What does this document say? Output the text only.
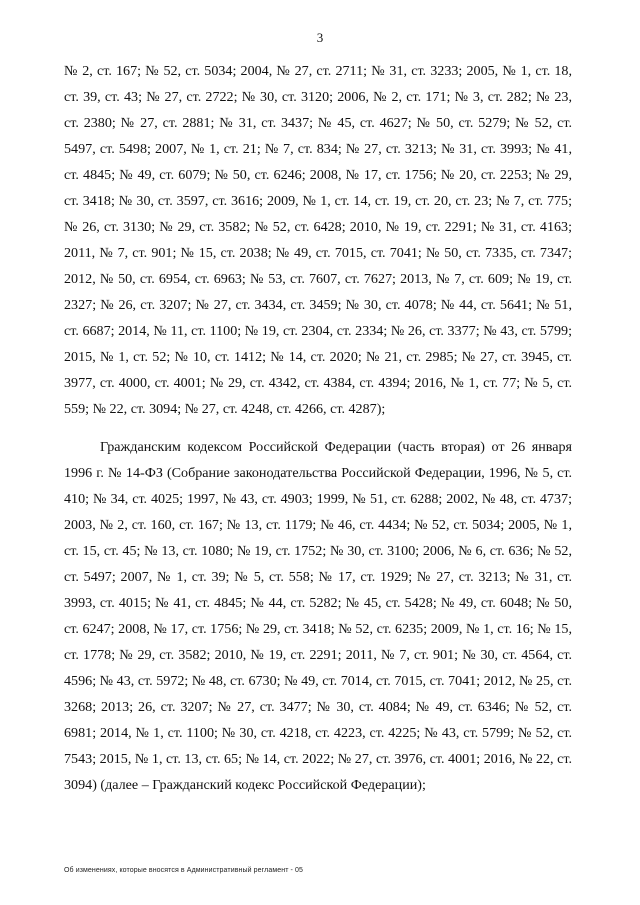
3

№ 2, ст. 167; № 52, ст. 5034; 2004, № 27, ст. 2711; № 31, ст. 3233; 2005, № 1, ст. 18, ст. 39, ст. 43; № 27, ст. 2722; № 30, ст. 3120; 2006, № 2, ст. 171; № 3, ст. 282; № 23, ст. 2380; № 27, ст. 2881; № 31, ст. 3437; № 45, ст. 4627; № 50, ст. 5279; № 52, ст. 5497, ст. 5498; 2007, № 1, ст. 21; № 7, ст. 834; № 27, ст. 3213; № 31, ст. 3993; № 41, ст. 4845; № 49, ст. 6079; № 50, ст. 6246; 2008, № 17, ст. 1756; № 20, ст. 2253; № 29, ст. 3418; № 30, ст. 3597, ст. 3616; 2009, № 1, ст. 14, ст. 19, ст. 20, ст. 23; № 7, ст. 775; № 26, ст. 3130; № 29, ст. 3582; № 52, ст. 6428; 2010, № 19, ст. 2291; № 31, ст. 4163; 2011, № 7, ст. 901; № 15, ст. 2038; № 49, ст. 7015, ст. 7041; № 50, ст. 7335, ст. 7347; 2012, № 50, ст. 6954, ст. 6963; № 53, ст. 7607, ст. 7627; 2013, № 7, ст. 609; № 19, ст. 2327; № 26, ст. 3207; № 27, ст. 3434, ст. 3459; № 30, ст. 4078; № 44, ст. 5641; № 51, ст. 6687; 2014, № 11, ст. 1100; № 19, ст. 2304, ст. 2334; № 26, ст. 3377; № 43, ст. 5799; 2015, № 1, ст. 52; № 10, ст. 1412; № 14, ст. 2020; № 21, ст. 2985; № 27, ст. 3945, ст. 3977, ст. 4000, ст. 4001; № 29, ст. 4342, ст. 4384, ст. 4394; 2016, № 1, ст. 77; № 5, ст. 559; № 22, ст. 3094; № 27, ст. 4248, ст. 4266, ст. 4287);

Гражданским кодексом Российской Федерации (часть вторая) от 26 января 1996 г. № 14-ФЗ (Собрание законодательства Российской Федерации, 1996, № 5, ст. 410; № 34, ст. 4025; 1997, № 43, ст. 4903; 1999, № 51, ст. 6288; 2002, № 48, ст. 4737; 2003, № 2, ст. 160, ст. 167; № 13, ст. 1179; № 46, ст. 4434; № 52, ст. 5034; 2005, № 1, ст. 15, ст. 45; № 13, ст. 1080; № 19, ст. 1752; № 30, ст. 3100; 2006, № 6, ст. 636; № 52, ст. 5497; 2007, № 1, ст. 39; № 5, ст. 558; № 17, ст. 1929; № 27, ст. 3213; № 31, ст. 3993, ст. 4015; № 41, ст. 4845; № 44, ст. 5282; № 45, ст. 5428; № 49, ст. 6048; № 50, ст. 6247; 2008, № 17, ст. 1756; № 29, ст. 3418; № 52, ст. 6235; 2009, № 1, ст. 16; № 15, ст. 1778; № 29, ст. 3582; 2010, № 19, ст. 2291; 2011, № 7, ст. 901; № 30, ст. 4564, ст. 4596; № 43, ст. 5972; № 48, ст. 6730; № 49, ст. 7014, ст. 7015, ст. 7041; 2012, № 25, ст. 3268; 2013; 26, ст. 3207; № 27, ст. 3477; № 30, ст. 4084; № 49, ст. 6346; № 52, ст. 6981; 2014, № 1, ст. 1100; № 30, ст. 4218, ст. 4223, ст. 4225; № 43, ст. 5799; № 52, ст. 7543; 2015, № 1, ст. 13, ст. 65; № 14, ст. 2022; № 27, ст. 3976, ст. 4001; 2016, № 22, ст. 3094) (далее – Гражданский кодекс Российской Федерации);

Об изменениях, которые вносятся в Административный регламент - 05
